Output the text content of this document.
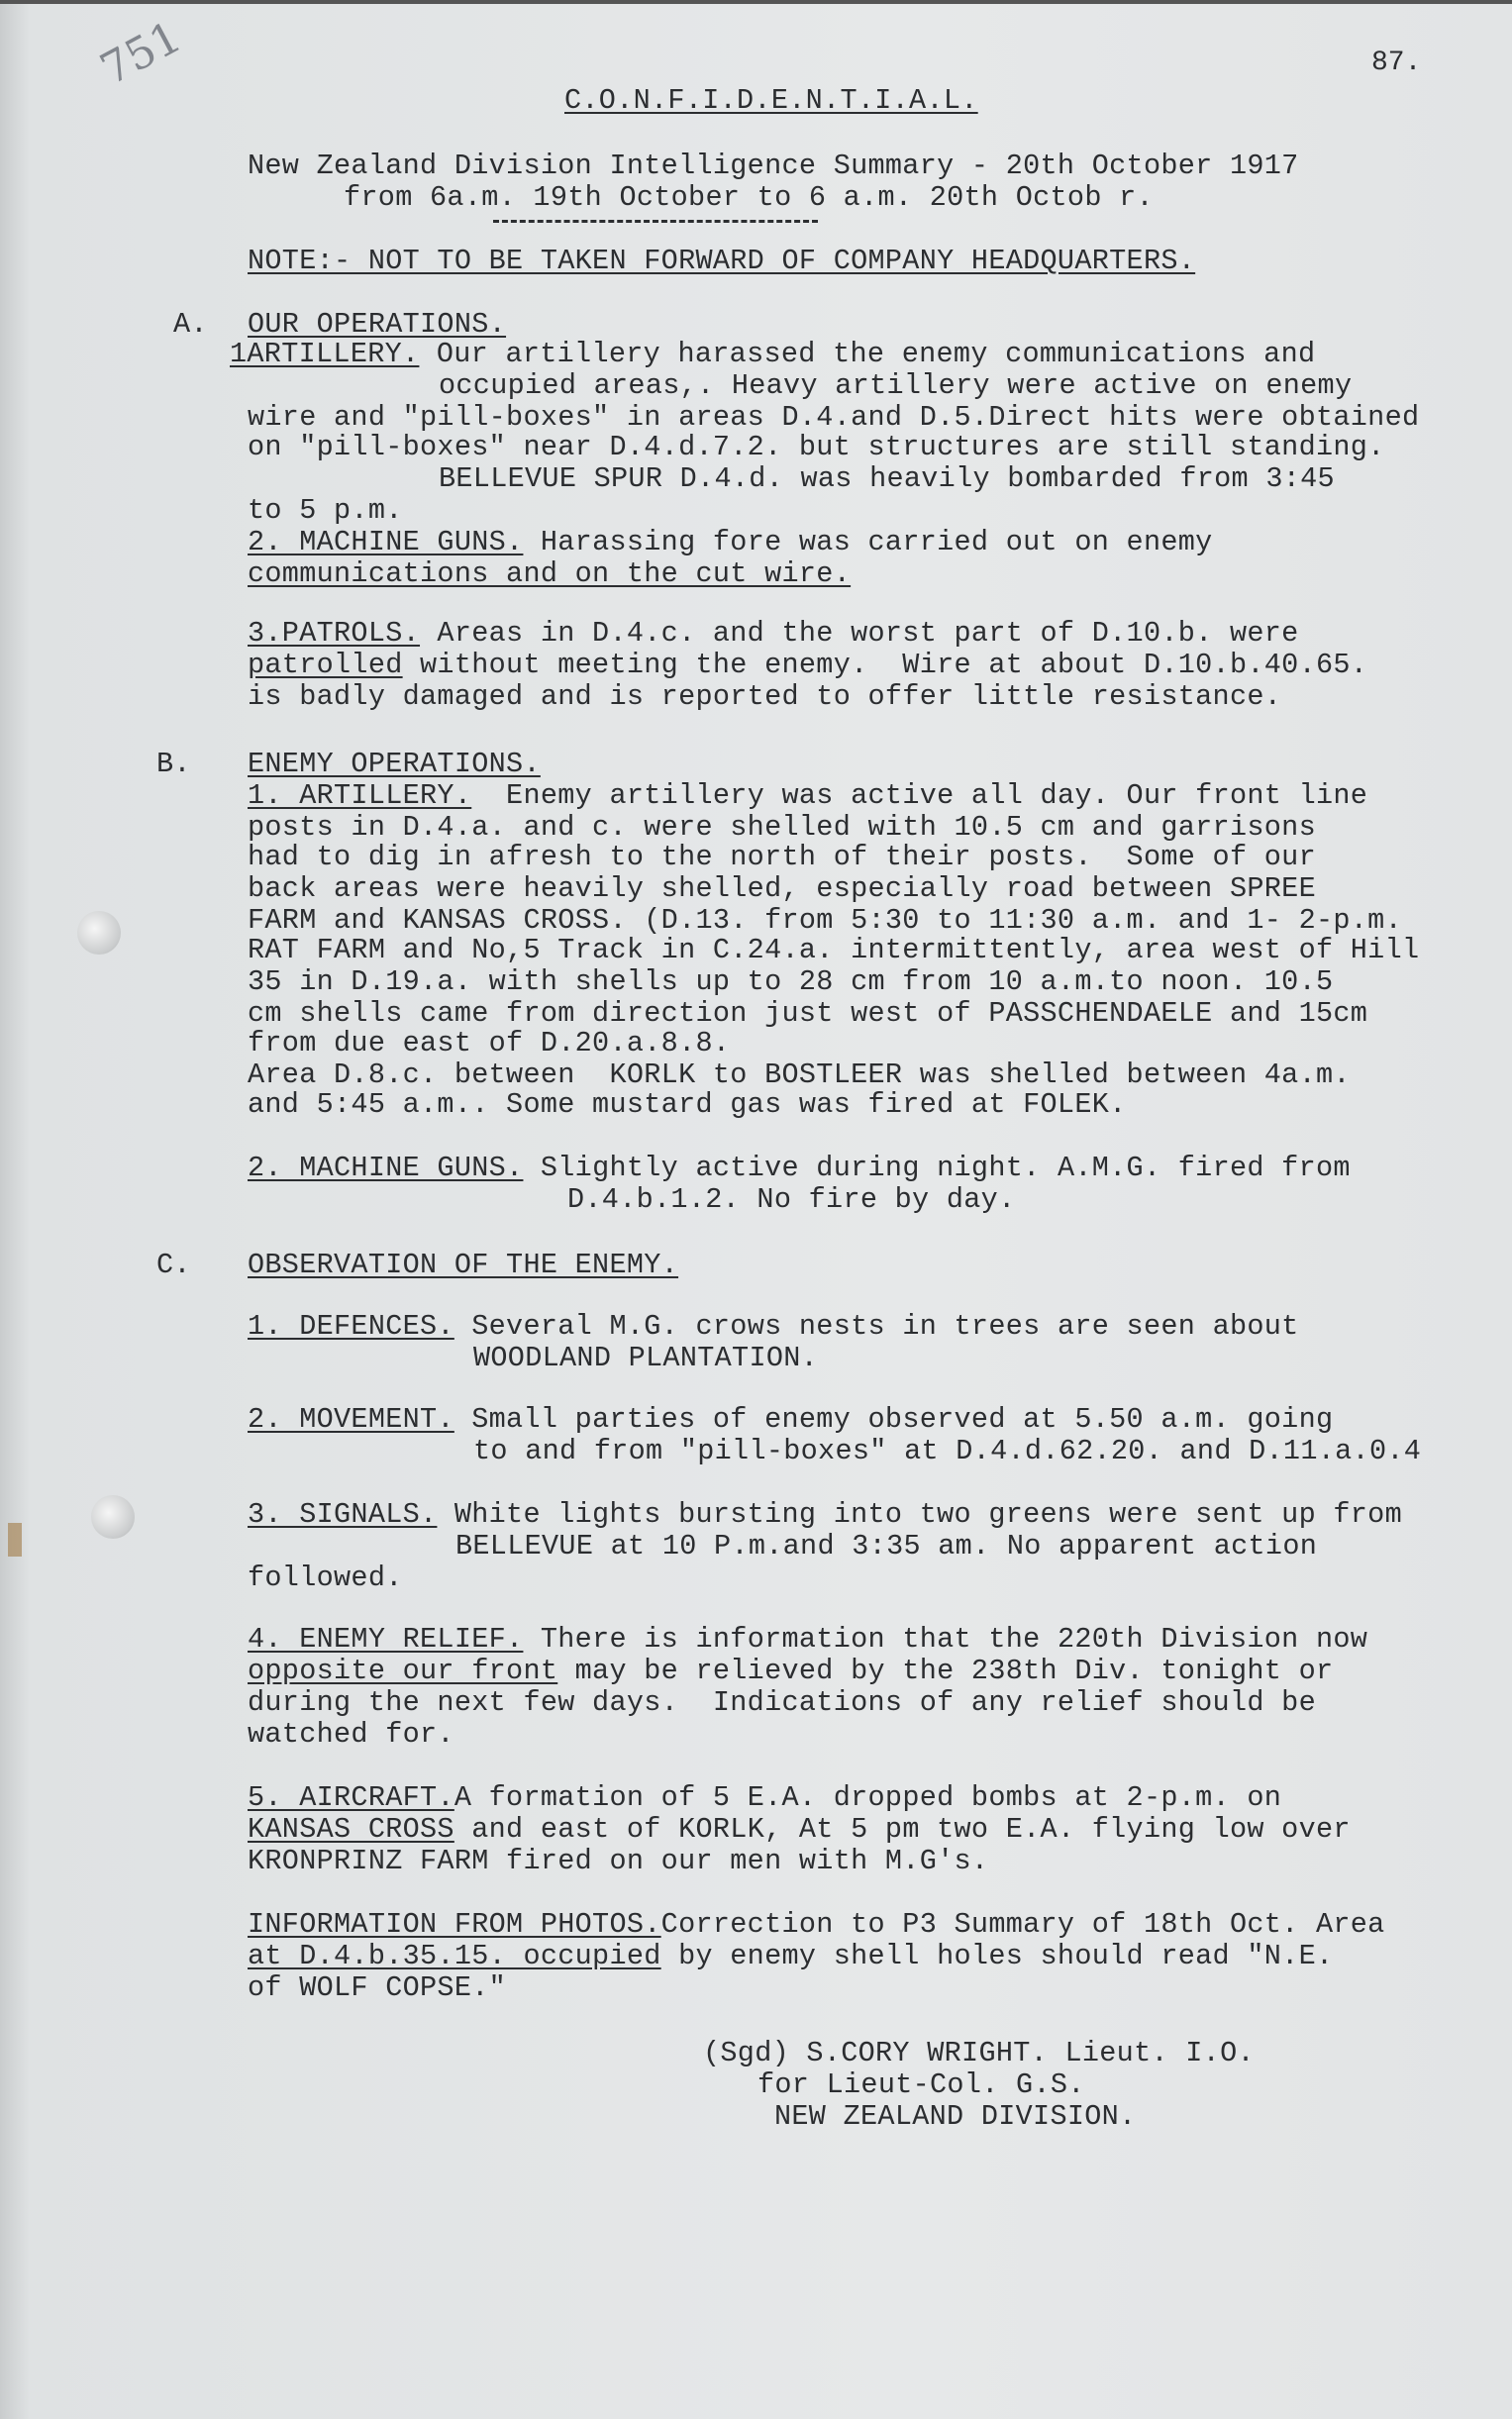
751	87.
C.O.N.F.I.D.E.N.T.I.A.L.
New Zealand Division Intelligence Summary - 20th October 1917
from 6a.m. 19th October to 6 a.m. 20th Octob r.
NOTE:- NOT TO BE TAKEN FORWARD OF COMPANY HEADQUARTERS.
A. OUR OPERATIONS.
1ARTILLERY. Our artillery harassed the enemy communications and
occupied areas,. Heavy artillery were active on enemy
wire and "pill-boxes" in areas D.4.and D.5.Direct hits were obtained
on "pill-boxes" near D.4.d.7.2. but structures are still standing.
BELLEVUE SPUR D.4.d. was heavily bombarded from 3:45
to 5 p.m.
2. MACHINE GUNS. Harassing fore was carried out on enemy
communications and on the cut wire.
3.PATROLS. Areas in D.4.c. and the worst part of D.10.b. were
patrolled without meeting the enemy.  Wire at about D.10.b.40.65.
is badly damaged and is reported to offer little resistance.
B. ENEMY OPERATIONS.
1. ARTILLERY.  Enemy artillery was active all day. Our front line
posts in D.4.a. and c. were shelled with 10.5 cm and garrisons
had to dig in afresh to the north of their posts.  Some of our
back areas were heavily shelled, especially road between SPREE
FARM and KANSAS CROSS. (D.13. from 5:30 to 11:30 a.m. and 1- 2-p.m.
RAT FARM and No,5 Track in C.24.a. intermittently, area west of Hill
35 in D.19.a. with shells up to 28 cm from 10 a.m.to noon. 10.5
cm shells came from direction just west of PASSCHENDAELE and 15cm
from due east of D.20.a.8.8.
Area D.8.c. between  KORLK to BOSTLEER was shelled between 4a.m.
and 5:45 a.m.. Some mustard gas was fired at FOLEK.
2. MACHINE GUNS. Slightly active during night. A.M.G. fired from
D.4.b.1.2. No fire by day.
C. OBSERVATION OF THE ENEMY.
1. DEFENCES. Several M.G. crows nests in trees are seen about
WOODLAND PLANTATION.
2. MOVEMENT. Small parties of enemy observed at 5.50 a.m. going
to and from "pill-boxes" at D.4.d.62.20. and D.11.a.0.4
3. SIGNALS. White lights bursting into two greens were sent up from
BELLEVUE at 10 P.m.and 3:35 am. No apparent action
followed.
4. ENEMY RELIEF. There is information that the 220th Division now
opposite our front may be relieved by the 238th Div. tonight or
during the next few days.  Indications of any relief should be
watched for.
5. AIRCRAFT.A formation of 5 E.A. dropped bombs at 2-p.m. on
KANSAS CROSS and east of KORLK, At 5 pm two E.A. flying low over
KRONPRINZ FARM fired on our men with M.G's.
INFORMATION FROM PHOTOS.Correction to P3 Summary of 18th Oct. Area
at D.4.b.35.15. occupied by enemy shell holes should read "N.E.
of WOLF COPSE."
(Sgd) S.CORY WRIGHT. Lieut. I.O.
for Lieut-Col. G.S.
NEW ZEALAND DIVISION.
